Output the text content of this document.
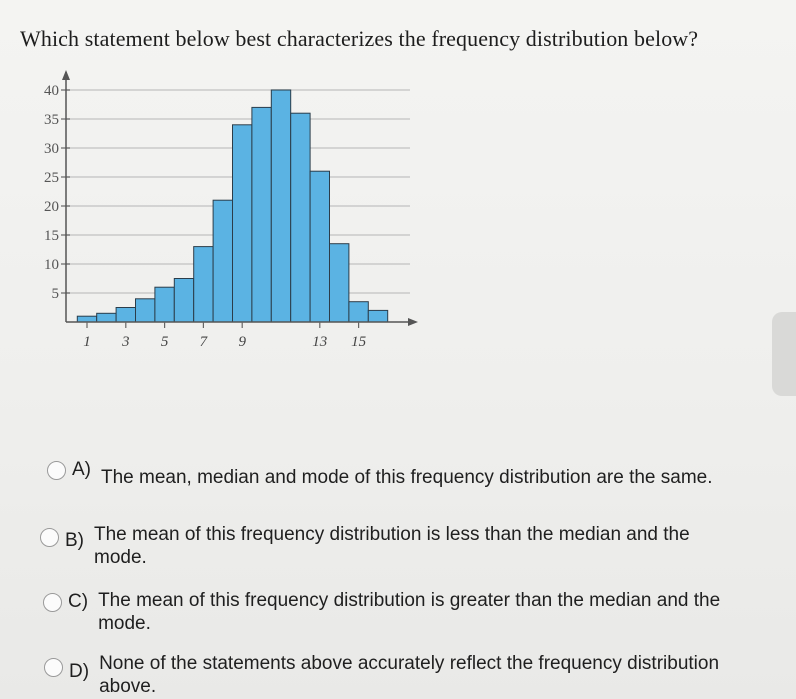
Which statement below best characterizes the frequency distribution below?
5
10
15
20
25
30
35
40
1 3 5 7 9	13 15
A) The mean, median and mode of this frequency distribution are the same.
B) The mean of this frequency distribution is less than the median and the mode.
C) The mean of this frequency distribution is greater than the median and the mode.
D) None of the statements above accurately reflect the frequency distribution above.
